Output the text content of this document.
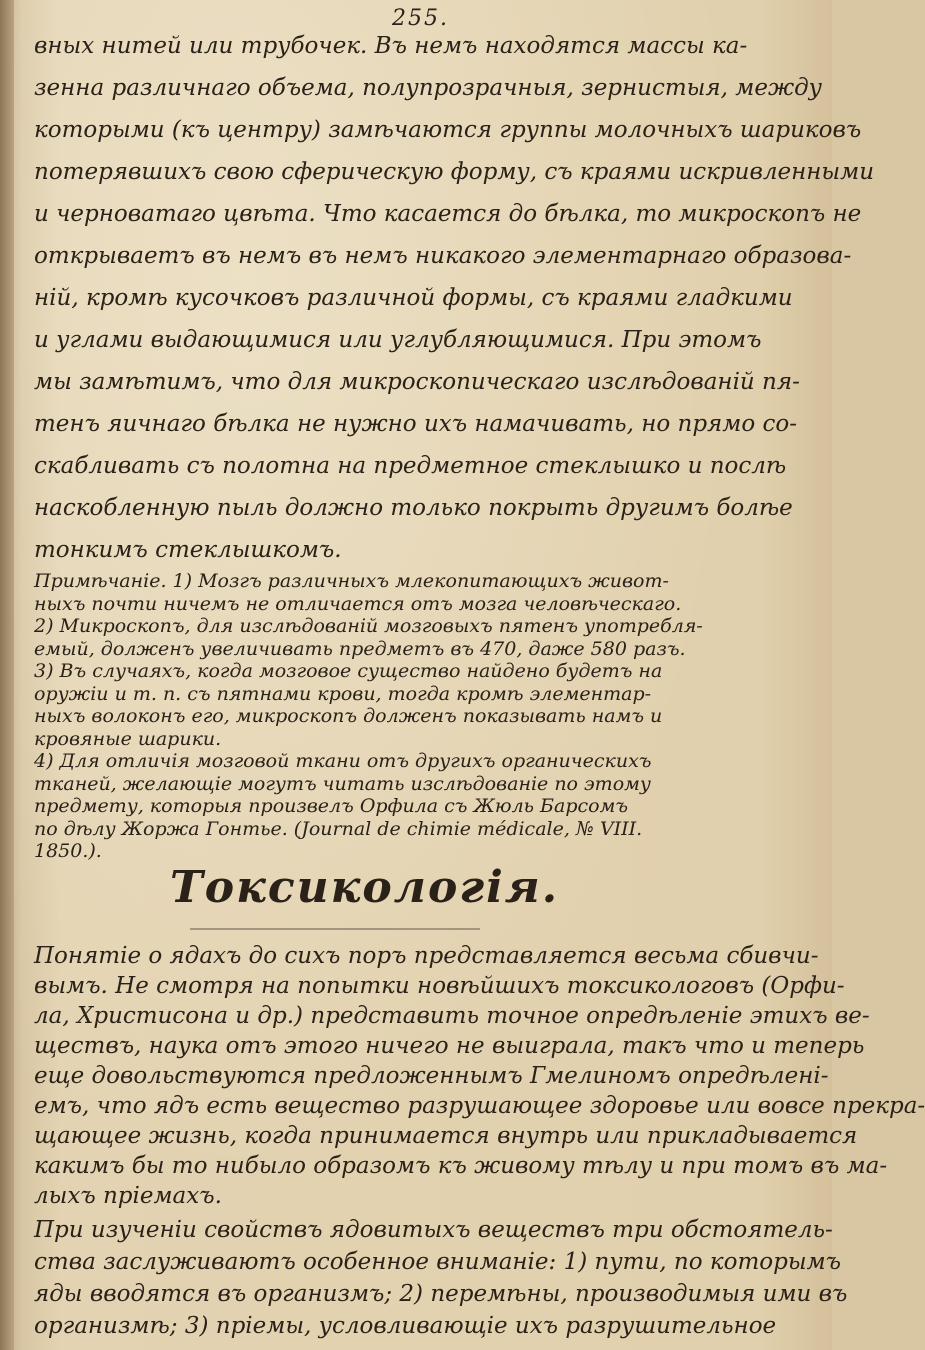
255.
вных нитей или трубочек. Въ немъ находятся массы ка-
зенна различнаго объема, полупрозрачныя, зернистыя, между
которыми (къ центру) замѣчаются группы молочныхъ шариковъ
потерявшихъ свою сферическую форму, съ краями искривленными
и черноватаго цвѣта. Что касается до бѣлка, то микроскопъ не
открываетъ въ немъ въ немъ никакого элементарнаго образова-
ній, кромѣ кусочковъ различной формы, съ краями гладкими
и углами выдающимися или углубляющимися. При этомъ
мы замѣтимъ, что для микроскопическаго изслѣдованій пя-
тенъ яичнаго бѣлка не нужно ихъ намачивать, но прямо со-
скабливать съ полотна на предметное стеклышко и послѣ
наскобленную пыль должно только покрыть другимъ болѣе
тонкимъ стеклышкомъ.
Токсикологія.
Понятіе о ядахъ до сихъ поръ представляется весьма сбивчи-
вымъ. Не смотря на попытки новѣйшихъ токсикологовъ (Орфи-
ла, Христисона и др.) представить точное опредѣленіе этихъ ве-
ществъ, наука отъ этого ничего не выиграла, такъ что и теперь
еще довольствуются предложеннымъ Гмелиномъ опредѣлені-
емъ, что ядъ есть вещество разрушающее здоровье или вовсе прекра-
щающее жизнь, когда принимается внутрь или прикладывается
какимъ бы то нибыло образомъ къ живому тѣлу и при томъ въ ма-
лыхъ пріемахъ.
При изученіи свойствъ ядовитыхъ веществъ три обстоятель-
ства заслуживаютъ особенное вниманіе: 1) пути, по которымъ
яды вводятся въ организмъ; 2) перемѣны, производимыя ими въ
организмѣ; 3) пріемы, условливающіе ихъ разрушительное
Примѣчаніе. 1) Мозгъ различныхъ млекопитающихъ живот-
ныхъ почти ничемъ не отличается отъ мозга человѣческаго.
2) Микроскопъ, для изслѣдованій мозговыхъ пятенъ употребля-
емый, долженъ увеличивать предметъ въ 470, даже 580 разъ.
3) Въ случаяхъ, когда мозговое существо найдено будетъ на
оружіи и т. п. съ пятнами крови, тогда кромѣ элементар-
ныхъ волоконъ его, микроскопъ долженъ показывать намъ и
кровяные шарики.
4) Для отличія мозговой ткани отъ другихъ органическихъ
тканей, желающіе могутъ читать изслѣдованіе по этому
предмету, которыя произвелъ Орфила съ Жюль Барсомъ
по дѣлу Жоржа Гонтье. (Journal de chimie médicale, № VIII.
1850.).
